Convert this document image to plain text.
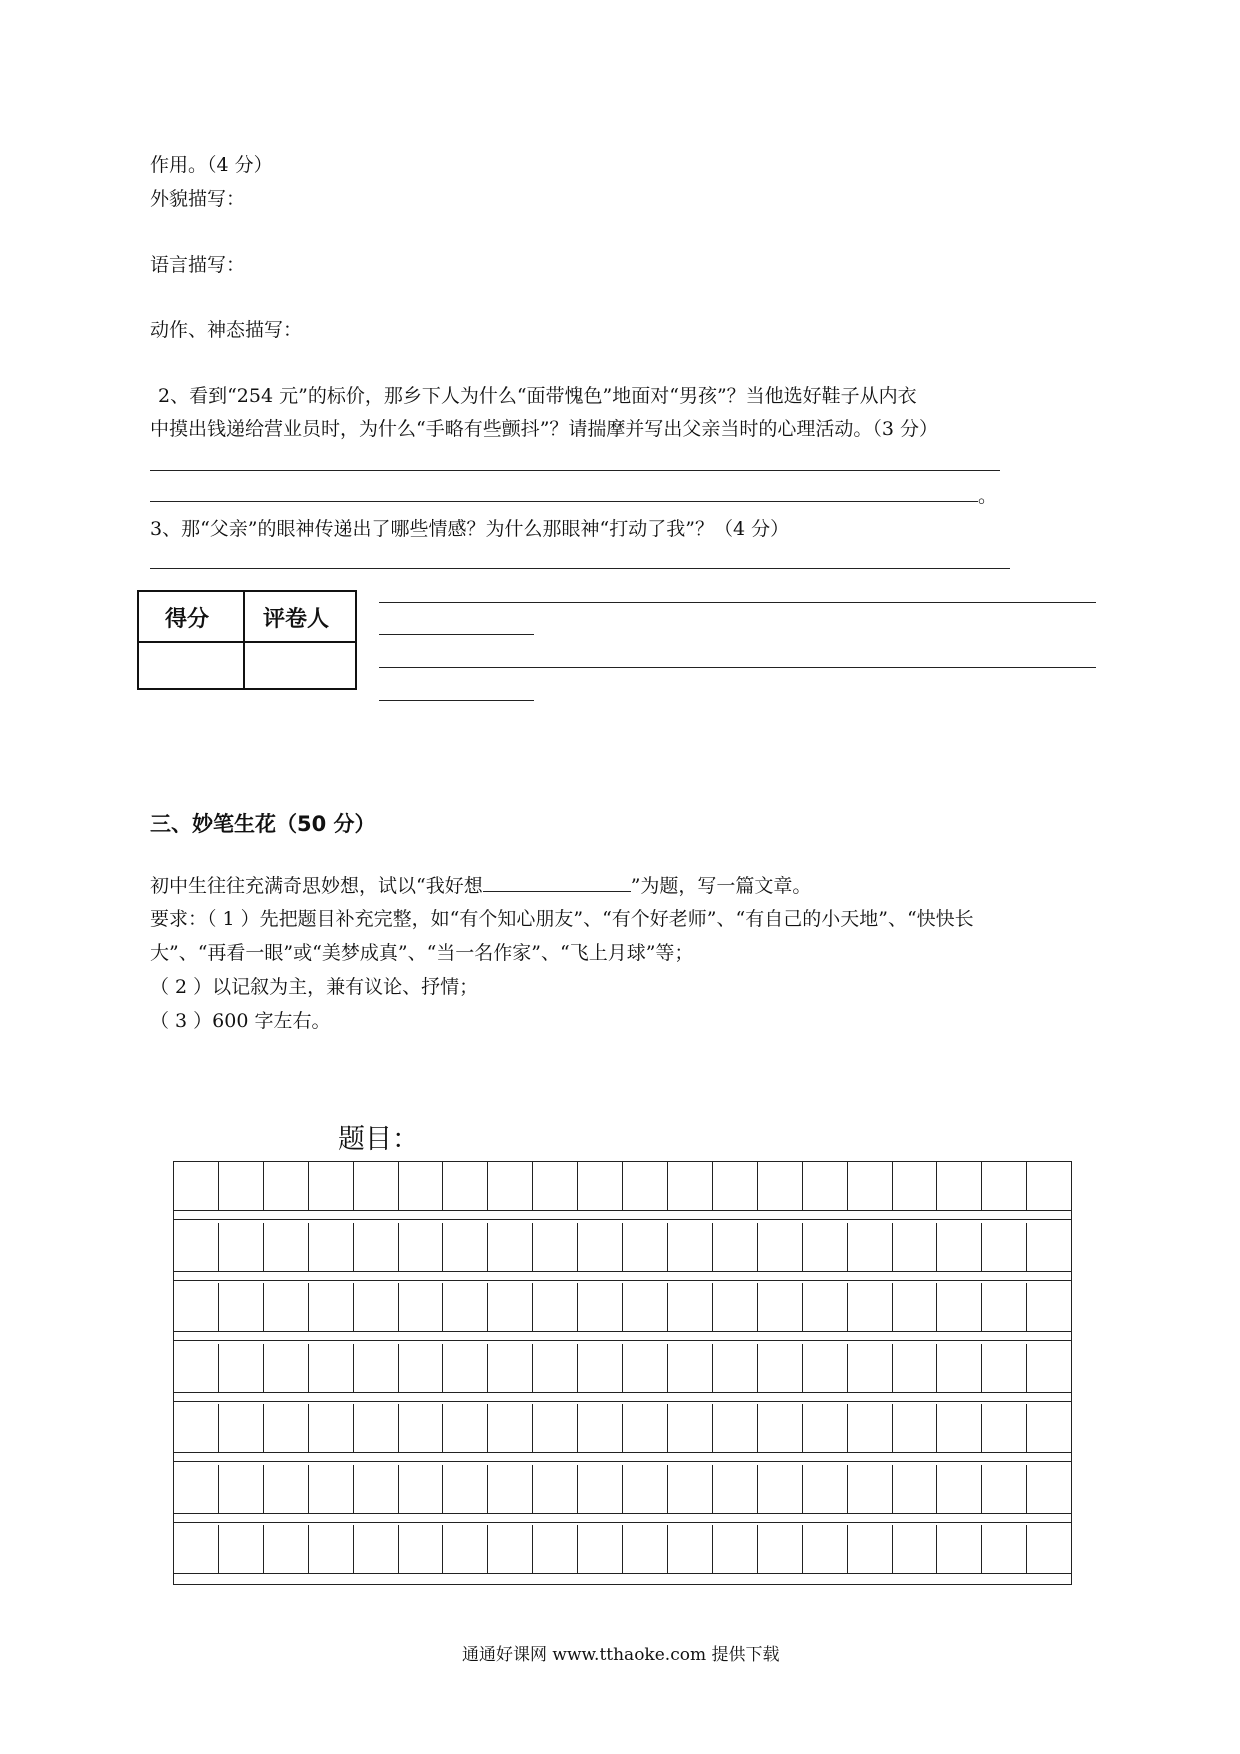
作用。（4 分）
外貌描写：
语言描写：
动作、神态描写：
2、看到“254 元”的标价，那乡下人为什么“面带愧色”地面对“男孩”？当他选好鞋子从内衣
中摸出钱递给营业员时，为什么“手略有些颤抖”？请揣摩并写出父亲当时的心理活动。（3 分）
。
3、那“父亲”的眼神传递出了哪些情感？为什么那眼神“打动了我”？（4 分）
得分 评卷人
三、妙笔生花（50 分）
初中生往往充满奇思妙想，试以“我好想	”为题，写一篇文章。
要求：（ 1 ）先把题目补充完整，如“有个知心朋友”、“有个好老师”、“有自己的小天地”、“快快长
大”、“再看一眼”或“美梦成真”、“当一名作家”、“飞上月球”等；
（ 2 ）以记叙为主，兼有议论、抒情；
（ 3 ）600 字左右。
题目：
通通好课网 www.tthaoke.com 提供下载
